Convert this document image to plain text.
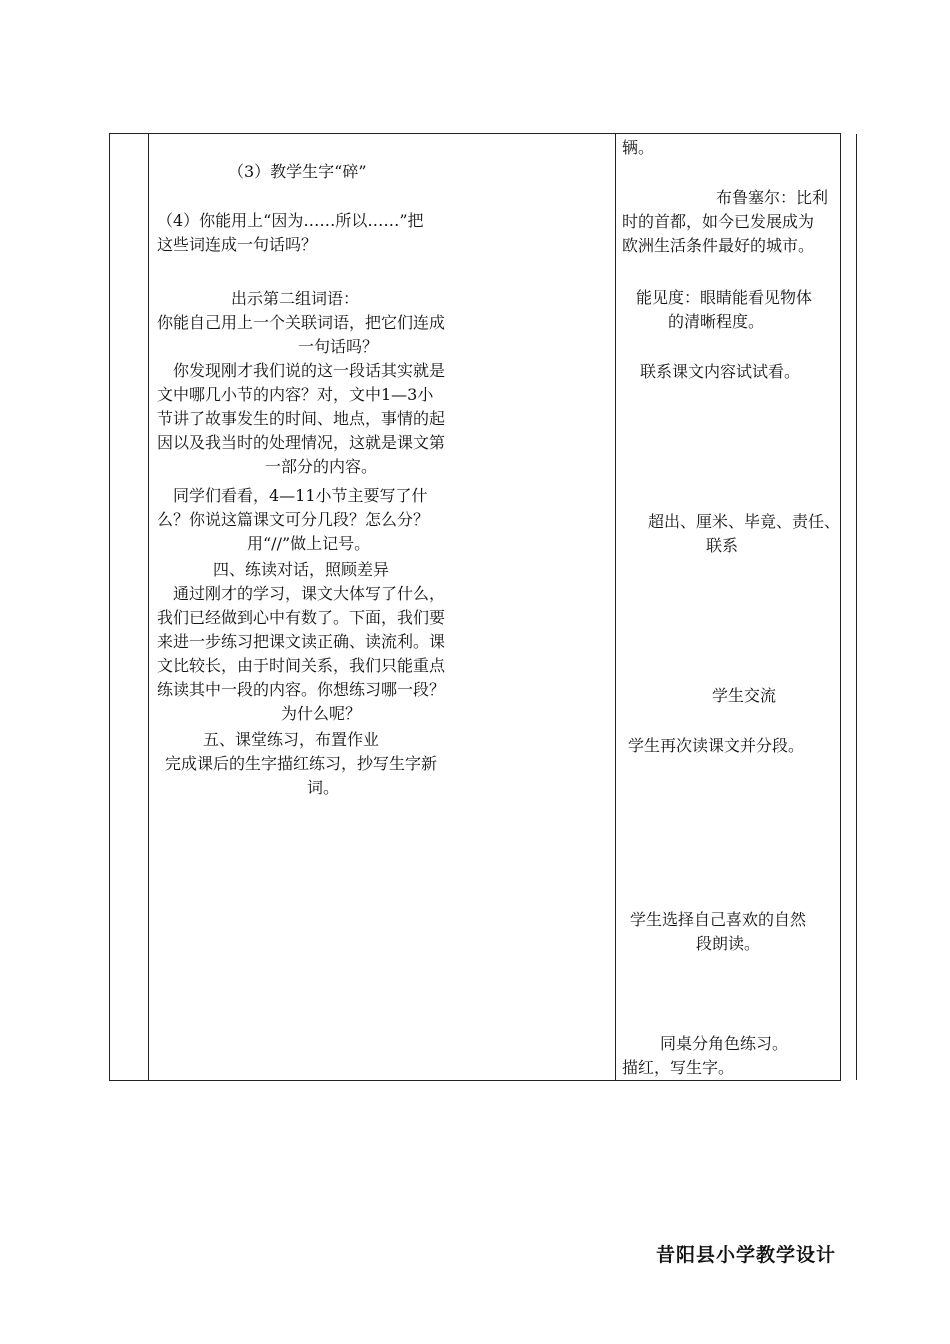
（3）教学生字“碎”
（4）你能用上“因为……所以……”把
这些词连成一句话吗？
出示第二组词语：
你能自己用上一个关联词语，把它们连成
一句话吗？
你发现刚才我们说的这一段话其实就是
文中哪几小节的内容？对，文中1—3小
节讲了故事发生的时间、地点，事情的起
因以及我当时的处理情况，这就是课文第
一部分的内容。
同学们看看，4—11小节主要写了什
么？你说这篇课文可分几段？怎么分？
用“//”做上记号。
四、练读对话，照顾差异
通过刚才的学习，课文大体写了什么，
我们已经做到心中有数了。下面，我们要
来进一步练习把课文读正确、读流利。课
文比较长，由于时间关系，我们只能重点
练读其中一段的内容。你想练习哪一段？
为什么呢？
五、课堂练习，布置作业
完成课后的生字描红练习，抄写生字新
词。
辆。
布鲁塞尔：比利
时的首都，如今已发展成为
欧洲生活条件最好的城市。
能见度：眼睛能看见物体
的清晰程度。
联系课文内容试试看。
超出、厘米、毕竟、责任、
联系
学生交流
学生再次读课文并分段。
学生选择自己喜欢的自然
段朗读。
同桌分角色练习。
描红，写生字。
昔阳县小学教学设计
